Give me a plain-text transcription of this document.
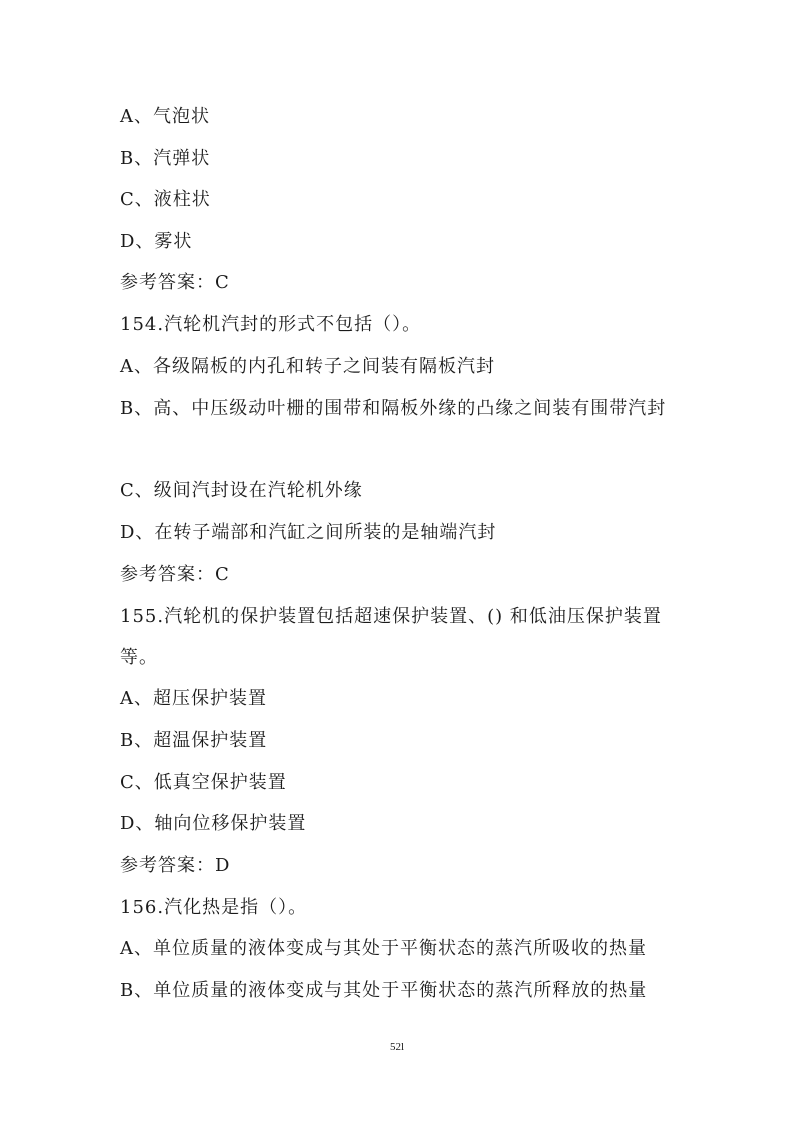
A、气泡状
B、汽弹状
C、液柱状
D、雾状
参考答案：C
154.汽轮机汽封的形式不包括（）。
A、各级隔板的内孔和转子之间装有隔板汽封
B、高、中压级动叶栅的围带和隔板外缘的凸缘之间装有围带汽封
C、级间汽封设在汽轮机外缘
D、在转子端部和汽缸之间所装的是轴端汽封
参考答案：C
155.汽轮机的保护装置包括超速保护装置、() 和低油压保护装置等。
A、超压保护装置
B、超温保护装置
C、低真空保护装置
D、轴向位移保护装置
参考答案：D
156.汽化热是指（）。
A、单位质量的液体变成与其处于平衡状态的蒸汽所吸收的热量
B、单位质量的液体变成与其处于平衡状态的蒸汽所释放的热量
52l
